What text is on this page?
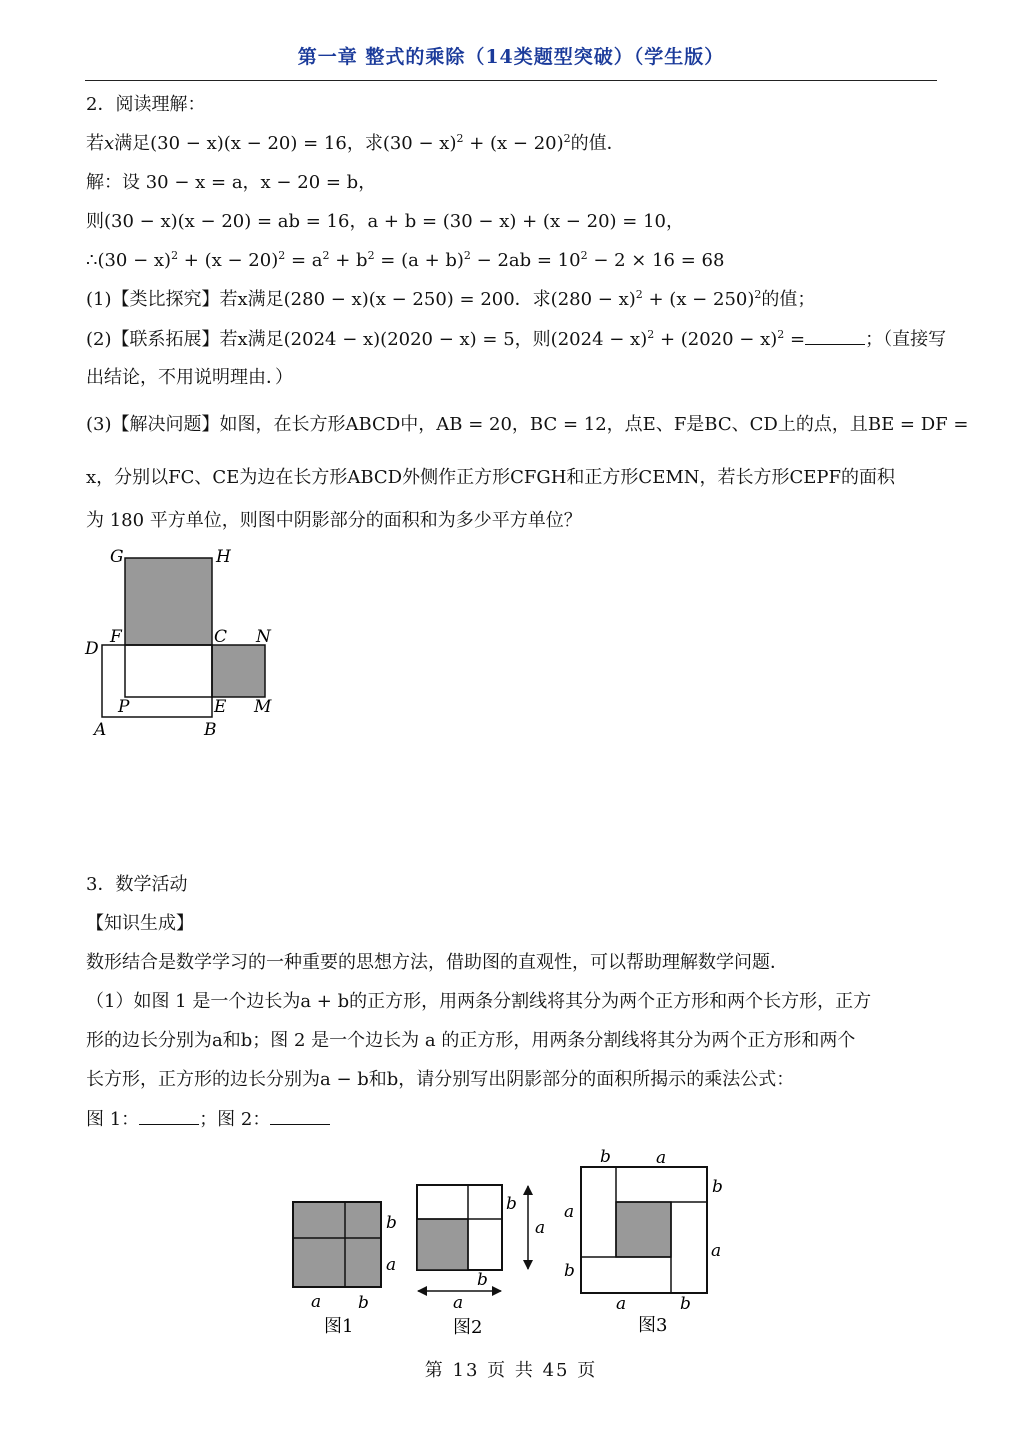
第一章 整式的乘除（14类题型突破）（学生版）
2．阅读理解：
若x满足(30 − x)(x − 20) = 16，求$(30 - x)^2 + (x - 20)^2$的值．
解：设 30 − x = a，x − 20 = b，
则(30 − x)(x − 20) = ab = 16，a + b = (30 − x) + (x − 20) = 10，
∴(30 − $x)^2 + (x - 20)^2 = a^2 + b^2 = (a + b)^2 - 2ab = 10^2 - 2 \times 16 = 68$
(1)【类比探究】若x满足(280 − x)(x − 250) = 200．求$(280 - x)^2 + (x - 250)^2$的值；
(2)【联系拓展】若x满足(2024 − x)(2020 − x) = 5，则$(2024 - x)^2 + (2020 - x)^2$ =	；（直接写
出结论，不用说明理由．）
(3)【解决问题】如图，在长方形ABCD中，AB = 20，BC = 12，点E、F是BC、CD上的点，且BE = DF =
x，分别以FC、CE为边在长方形ABCD外侧作正方形CFGH和正方形CEMN，若长方形CEPF的面积
为 180 平方单位，则图中阴影部分的面积和为多少平方单位？
G	H
D
F	C N
P	E M
A	B
3．数学活动
【知识生成】
数形结合是数学学习的一种重要的思想方法，借助图的直观性，可以帮助理解数学问题．
（1）如图 1 是一个边长为a + b的正方形，用两条分割线将其分为两个正方形和两个长方形，正方
形的边长分别为a和b；图 2 是一个边长为 a 的正方形，用两条分割线将其分为两个正方形和两个
长方形，正方形的边长分别为a − b和b，请分别写出阴影部分的面积所揭示的乘法公式：
图 1：	；图 2：
b
a
a b
图1
b
a
b
a
图2
b	a
b
a
a
b
a	b
图3
第 13 页 共 45 页
